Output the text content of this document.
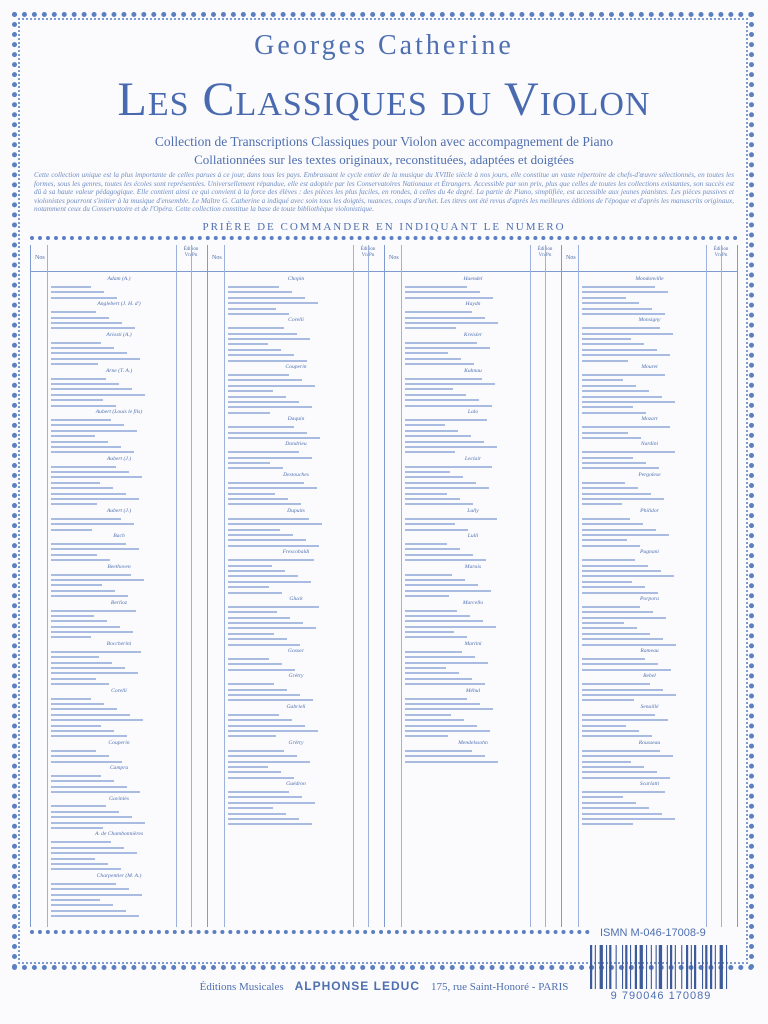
Georges Catherine
Les Classiques du Violon
Collection de Transcriptions Classiques pour Violon avec accompagnement de Piano
Collationnées sur les textes originaux, reconstituées, adaptées et doigtées
Cette collection unique est la plus importante de celles parues à ce jour, dans tous les pays. Embrassant le cycle entier de la musique du XVIIIe siècle à nos jours, elle constitue un vaste répertoire de chefs-d'œuvre sélectionnés, en toutes les formes, sous les genres, toutes les écoles sont représentées. Universellement répandue, elle est adoptée par les Conservatoires Nationaux et Étrangers. Accessible par son prix, plus que celles de toutes les collections existantes, son succès est dû à sa haute valeur pédagogique. Elle contient ainsi ce qui convient à la force des élèves : des pièces les plus faciles, en rondes, à celles du 4e degré. La partie de Piano, simplifiée, est accessible aux jeunes pianistes. Les pièces passives et violonistes pourront s'initier à la musique d'ensemble. Le Maître G. Catherine a indiqué avec soin tous les doigtés, nuances, coups d'archet. Les titres ont été revus d'après les meilleures éditions de l'époque et d'après les manuscrits originaux, notamment ceux du Conservatoire et de l'Opéra. Cette collection constitue la base de toute bibliothèque violonistique.
PRIÈRE DE COMMANDER EN INDIQUANT LE NUMERO
Nos
Édition
Vn Pn
Adam (A.)
Anglebert (J. H. d')
Ariosti (A.)
Arne (T. A.)
Aubert (Louis le fils)
Aubert (J.)
Aubert (J.)
Bach
Beethoven
Berlioz
Boccherini
Corelli
Couperin
Campra
Gaviniès
A. de Chambonnières
Charpentier (M. A.)
Nos
Édition
Vn Pn
Chopin
Corelli
Couperin
Daquin
Dandrieu
Destouches
Dupuits
Frescobaldi
Gluck
Gossec
Grétry
Gabrieli
Grétry
Guédron
Nos
Édition
Vn Pn
Haendel
Haydn
Kreisler
Kuhnau
Lalo
Leclair
Lully
Lulli
Marais
Marcello
Martini
Méhul
Mendelssohn
Nos
Édition
Vn Pn
Mondonville
Monsigny
Mouret
Mozart
Nardini
Pergolese
Philidor
Pugnani
Porpora
Rameau
Rebel
Senaillé
Rousseau
Scarlatti
ISMN M-046-17008-9
Éditions Musicales ALPHONSE LEDUC 175, rue Saint-Honoré - PARIS
9 790046 170089
